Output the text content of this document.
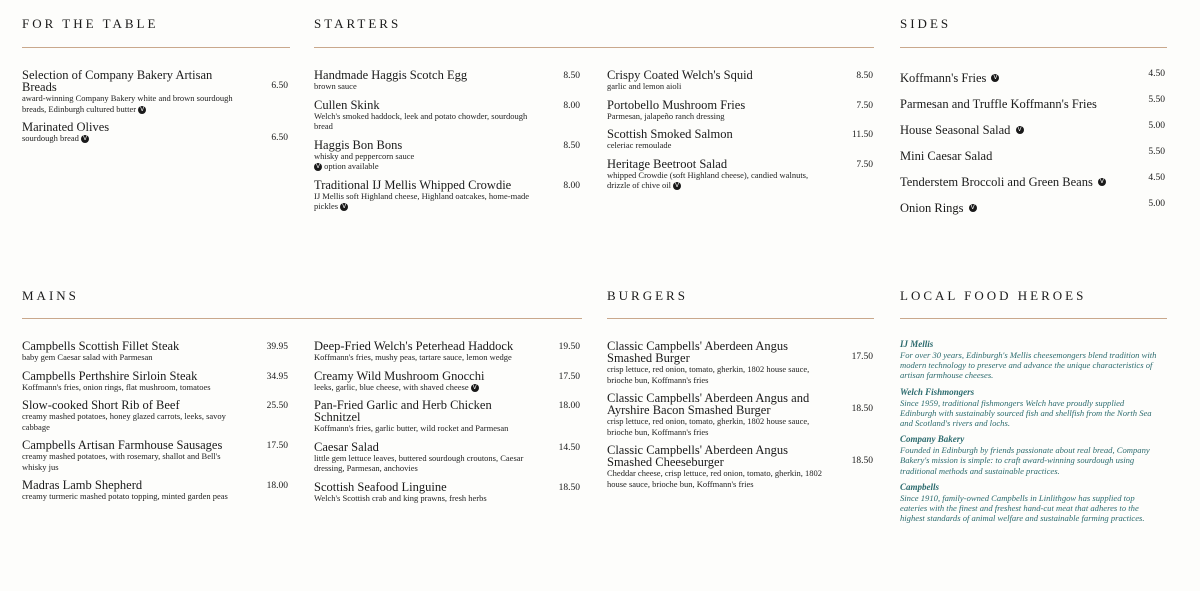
FOR THE TABLE
Selection of Company Bakery Artisan Breads
award-winning Company Bakery white and brown sourdough breads, Edinburgh cultured butter V
6.50
Marinated Olives
sourdough bread V	6.50
STARTERS
Handmade Haggis Scotch Egg
brown sauce
8.50
Cullen Skink
Welch's smoked haddock, leek and potato chowder, sourdough bread
8.00
Haggis Bon Bons
whisky and peppercorn sauce
V option available
8.50
Traditional IJ Mellis Whipped Crowdie
IJ Mellis soft Highland cheese, Highland oatcakes, home-made pickles V
8.00
Crispy Coated Welch's Squid
garlic and lemon aioli
8.50
Portobello Mushroom Fries
Parmesan, jalapeño ranch dressing
7.50
Scottish Smoked Salmon
celeriac remoulade
11.50
Heritage Beetroot Salad
whipped Crowdie (soft Highland cheese), candied walnuts, drizzle of chive oil V
7.50
SIDES
Koffmann's Fries V	4.50
Parmesan and Truffle Koffmann's Fries	5.50
House Seasonal Salad V	5.00
Mini Caesar Salad	5.50
Tenderstem Broccoli and Green Beans V	4.50
Onion Rings V	5.00
MAINS
Campbells Scottish Fillet Steak
baby gem Caesar salad with Parmesan
39.95
Campbells Perthshire Sirloin Steak
Koffmann's fries, onion rings, flat mushroom, tomatoes
34.95
Slow-cooked Short Rib of Beef
creamy mashed potatoes, honey glazed carrots, leeks, savoy cabbage
25.50
Campbells Artisan Farmhouse Sausages
creamy mashed potatoes, with rosemary, shallot and Bell's whisky jus
17.50
Madras Lamb Shepherd
creamy turmeric mashed potato topping, minted garden peas
18.00
Deep-Fried Welch's Peterhead Haddock
Koffmann's fries, mushy peas, tartare sauce, lemon wedge
19.50
Creamy Wild Mushroom Gnocchi
leeks, garlic, blue cheese, with shaved cheese V
17.50
Pan-Fried Garlic and Herb Chicken Schnitzel
Koffmann's fries, garlic butter, wild rocket and Parmesan
18.00
Caesar Salad
little gem lettuce leaves, buttered sourdough croutons, Caesar dressing, Parmesan, anchovies
14.50
Scottish Seafood Linguine
Welch's Scottish crab and king prawns, fresh herbs
18.50
BURGERS
Classic Campbells' Aberdeen Angus Smashed Burger
crisp lettuce, red onion, tomato, gherkin, 1802 house sauce, brioche bun, Koffmann's fries
17.50
Classic Campbells' Aberdeen Angus and Ayrshire Bacon Smashed Burger
crisp lettuce, red onion, tomato, gherkin, 1802 house sauce, brioche bun, Koffmann's fries
18.50
Classic Campbells' Aberdeen Angus Smashed Cheeseburger
Cheddar cheese, crisp lettuce, red onion, tomato, gherkin, 1802 house sauce, brioche bun, Koffmann's fries
18.50
LOCAL FOOD HEROES
IJ Mellis
For over 30 years, Edinburgh's Mellis cheesemongers blend tradition with modern technology to preserve and advance the unique characteristics of artisan farmhouse cheeses.
Welch Fishmongers
Since 1959, traditional fishmongers Welch have proudly supplied Edinburgh with sustainably sourced fish and shellfish from the North Sea and Scotland's rivers and lochs.
Company Bakery
Founded in Edinburgh by friends passionate about real bread, Company Bakery's mission is simple: to craft award-winning sourdough using traditional methods and sustainable practices.
Campbells
Since 1910, family-owned Campbells in Linlithgow has supplied top eateries with the finest and freshest hand-cut meat that adheres to the highest standards of animal welfare and sustainable farming practices.
